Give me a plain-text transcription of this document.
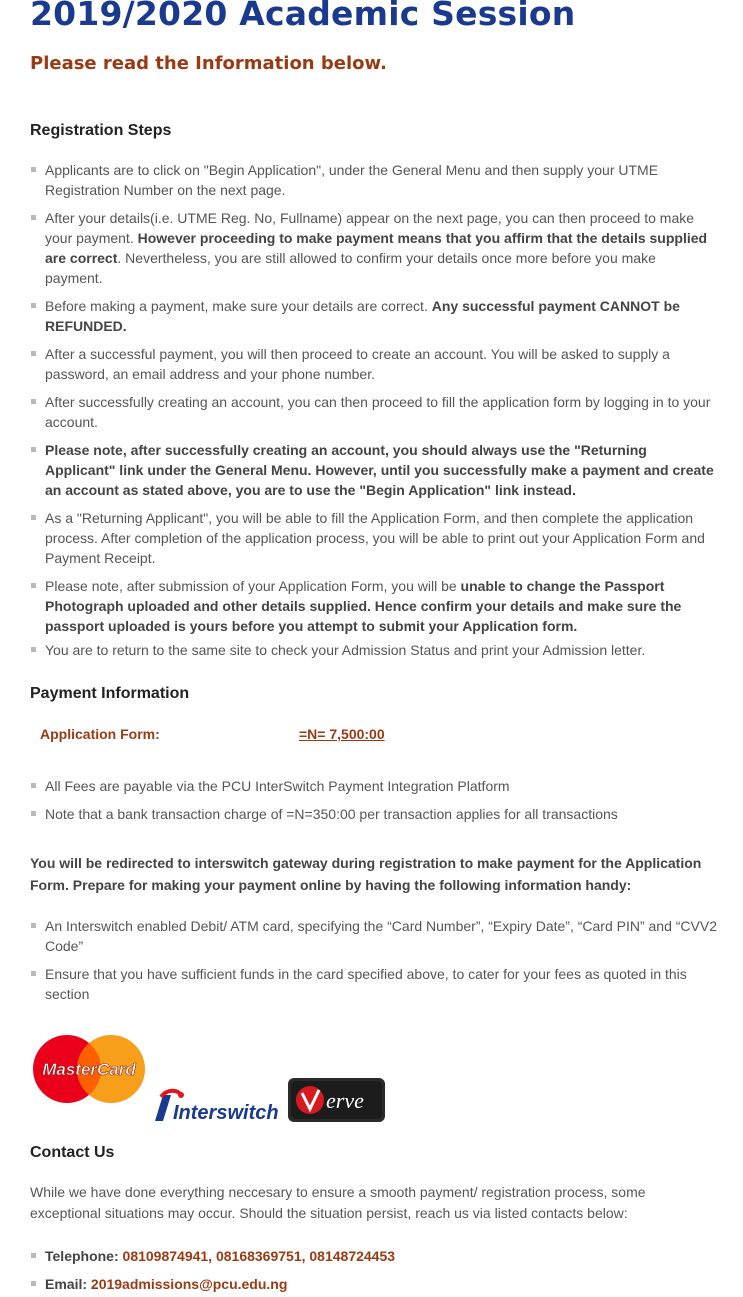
2019/2020 Academic Session
Please read the Information below.
Registration Steps
Applicants are to click on "Begin Application", under the General Menu and then supply your UTME Registration Number on the next page.
After your details(i.e. UTME Reg. No, Fullname) appear on the next page, you can then proceed to make your payment. However proceeding to make payment means that you affirm that the details supplied are correct. Nevertheless, you are still allowed to confirm your details once more before you make payment.
Before making a payment, make sure your details are correct. Any successful payment CANNOT be REFUNDED.
After a successful payment, you will then proceed to create an account. You will be asked to supply a password, an email address and your phone number.
After successfully creating an account, you can then proceed to fill the application form by logging in to your account.
Please note, after successfully creating an account, you should always use the "Returning Applicant" link under the General Menu. However, until you successfully make a payment and create an account as stated above, you are to use the "Begin Application" link instead.
As a "Returning Applicant", you will be able to fill the Application Form, and then complete the application process. After completion of the application process, you will be able to print out your Application Form and Payment Receipt.
Please note, after submission of your Application Form, you will be unable to change the Passport Photograph uploaded and other details supplied. Hence confirm your details and make sure the passport uploaded is yours before you attempt to submit your Application form.
You are to return to the same site to check your Admission Status and print your Admission letter.
Payment Information
Application Form:	=N= 7,500:00
All Fees are payable via the PCU InterSwitch Payment Integration Platform
Note that a bank transaction charge of =N=350:00 per transaction applies for all transactions
You will be redirected to interswitch gateway during registration to make payment for the Application Form. Prepare for making your payment online by having the following information handy:
An Interswitch enabled Debit/ ATM card, specifying the “Card Number”, “Expiry Date”, “Card PIN” and “CVV2 Code”
Ensure that you have sufficient funds in the card specified above, to cater for your fees as quoted in this section
MasterCard
Interswitch erve
Contact Us
While we have done everything neccesary to ensure a smooth payment/ registration process, some exceptional situations may occur. Should the situation persist, reach us via listed contacts below:
Telephone: 08109874941, 08168369751, 08148724453
Email: 2019admissions@pcu.edu.ng
